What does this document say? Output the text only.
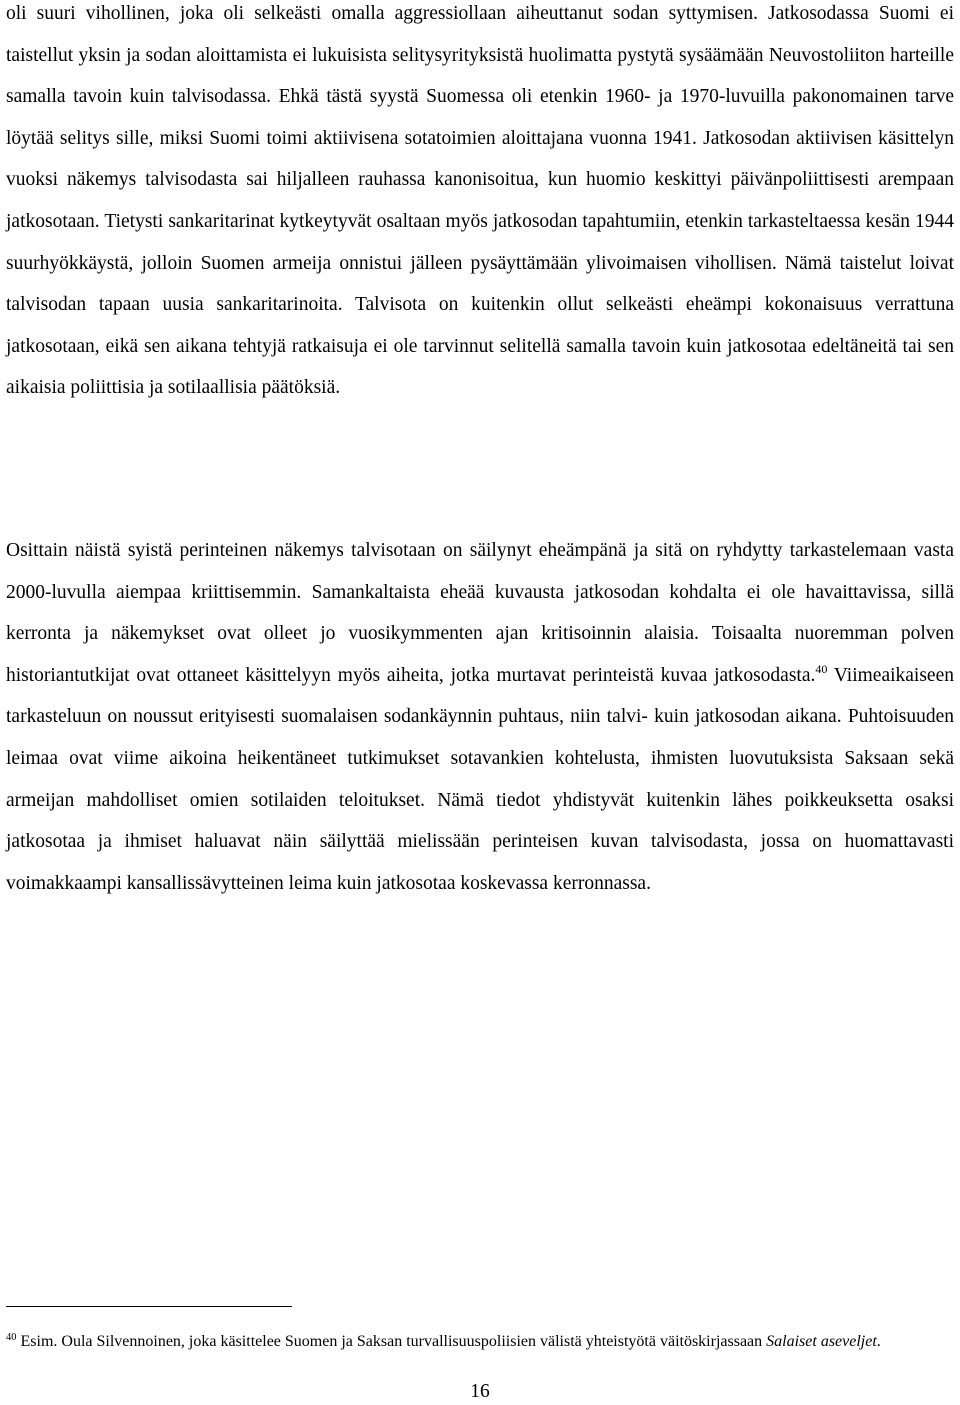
oli suuri vihollinen, joka oli selkeästi omalla aggressiollaan aiheuttanut sodan syttymisen. Jatkosodassa Suomi ei taistellut yksin ja sodan aloittamista ei lukuisista selitysyrityksistä huolimatta pystytä sysäämään Neuvostoliiton harteille samalla tavoin kuin talvisodassa. Ehkä tästä syystä Suomessa oli etenkin 1960- ja 1970-luvuilla pakonomainen tarve löytää selitys sille, miksi Suomi toimi aktiivisena sotatoimien aloittajana vuonna 1941. Jatkosodan aktiivisen käsittelyn vuoksi näkemys talvisodasta sai hiljalleen rauhassa kanonisoitua, kun huomio keskittyi päivänpoliittisesti arempaan jatkosotaan. Tietysti sankaritarinat kytkeytyvät osaltaan myös jatkosodan tapahtumiin, etenkin tarkasteltaessa kesän 1944 suurhyökkäystä, jolloin Suomen armeija onnistui jälleen pysäyttämään ylivoimaisen vihollisen. Nämä taistelut loivat talvisodan tapaan uusia sankaritarinoita. Talvisota on kuitenkin ollut selkeästi eheämpi kokonaisuus verrattuna jatkosotaan, eikä sen aikana tehtyjä ratkaisuja ei ole tarvinnut selitellä samalla tavoin kuin jatkosotaa edeltäneitä tai sen aikaisia poliittisia ja sotilaallisia päätöksiä.

Osittain näistä syistä perinteinen näkemys talvisotaan on säilynyt eheämpänä ja sitä on ryhdytty tarkastelemaan vasta 2000-luvulla aiempaa kriittisemmin. Samankaltaista eheää kuvausta jatkosodan kohdalta ei ole havaittavissa, sillä kerronta ja näkemykset ovat olleet jo vuosikymmenten ajan kritisoinnin alaisia. Toisaalta nuoremman polven historiantutkijat ovat ottaneet käsittelyyn myös aiheita, jotka murtavat perinteistä kuvaa jatkosodasta.$^{40}$ Viimeaikaiseen tarkasteluun on noussut erityisesti suomalaisen sodankäynnin puhtaus, niin talvi- kuin jatkosodan aikana. Puhtoisuuden leimaa ovat viime aikoina heikentäneet tutkimukset sotavankien kohtelusta, ihmisten luovutuksista Saksaan sekä armeijan mahdolliset omien sotilaiden teloitukset. Nämä tiedot yhdistyvät kuitenkin lähes poikkeuksetta osaksi jatkosotaa ja ihmiset haluavat näin säilyttää mielissään perinteisen kuvan talvisodasta, jossa on huomattavasti voimakkaampi kansallissävytteinen leima kuin jatkosotaa koskevassa kerronnassa.

$^{40}$ Esim. Oula Silvennoinen, joka käsittelee Suomen ja Saksan turvallisuuspoliisien välistä yhteistyötä väitöskirjassaan Salaiset aseveljet.

16
